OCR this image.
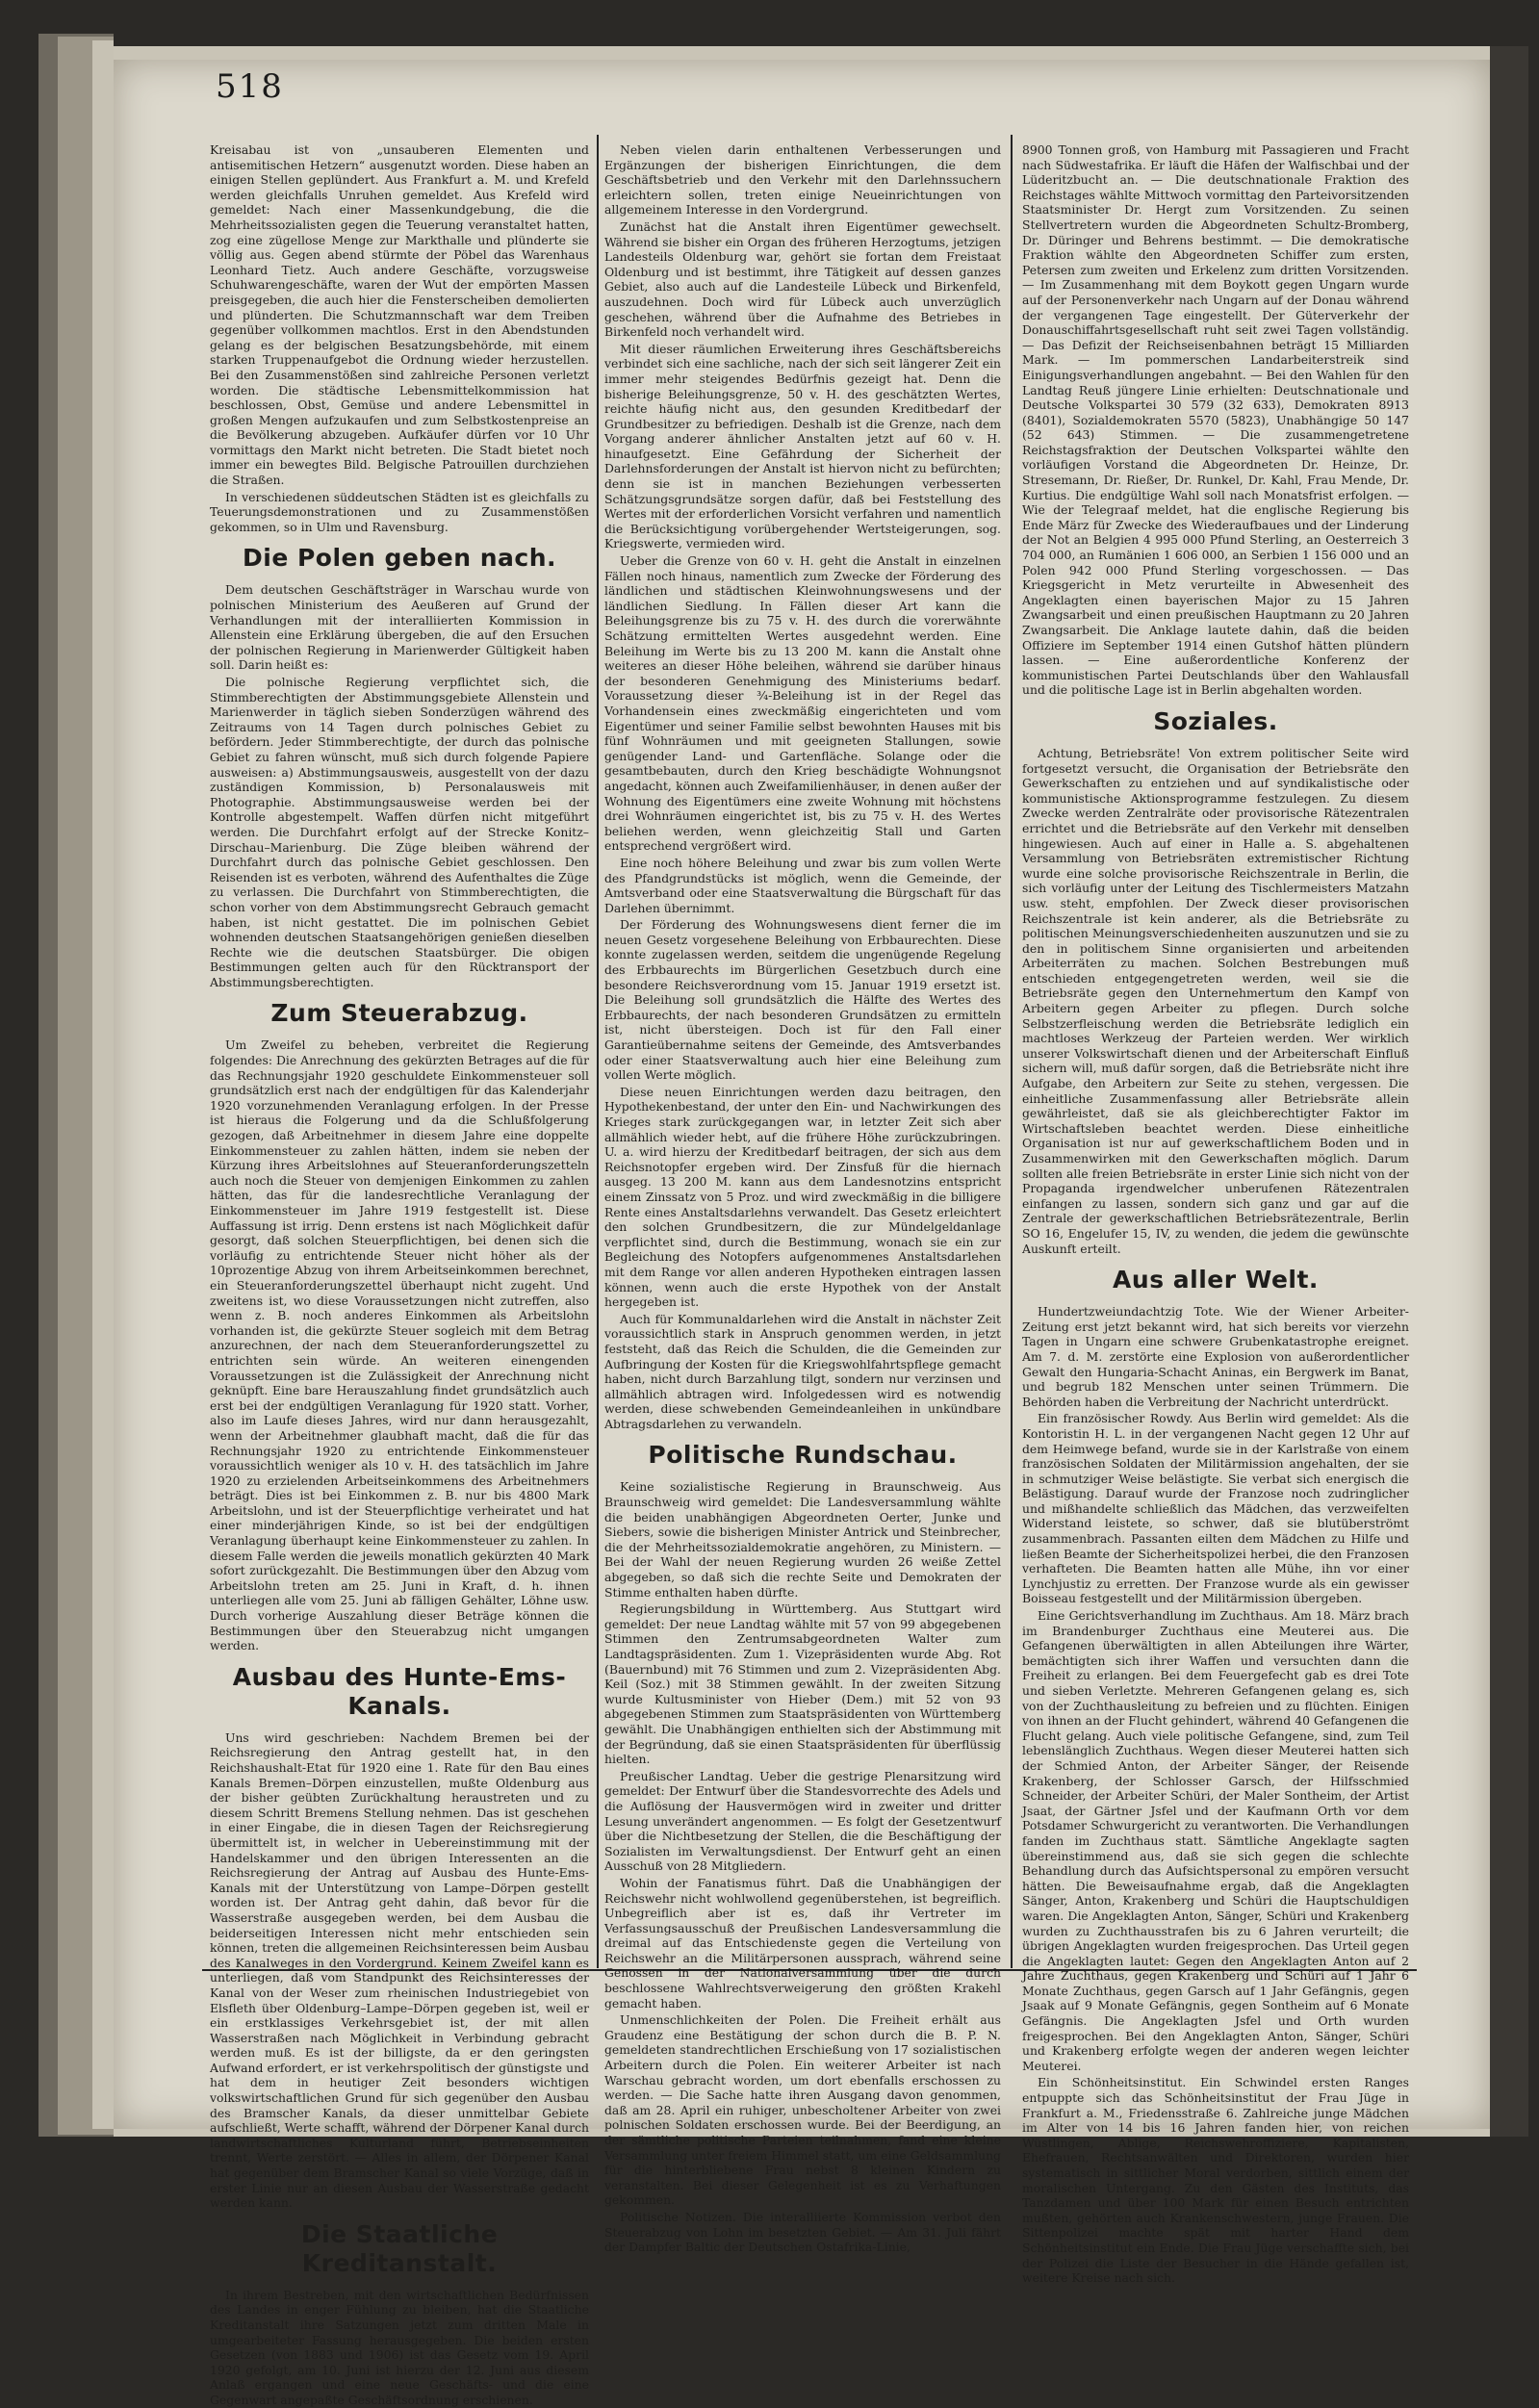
518

Kreisabau ist von „unsauberen Elementen und antisemitischen Hetzern“ ausgenutzt worden. Diese haben an einigen Stellen geplündert. Aus Frankfurt a. M. und Krefeld werden gleichfalls Unruhen gemeldet. Aus Krefeld wird gemeldet: Nach einer Massenkundgebung, die die Mehrheitssozialisten gegen die Teuerung veranstaltet hatten, zog eine zügellose Menge zur Markthalle und plünderte sie völlig aus. Gegen abend stürmte der Pöbel das Warenhaus Leonhard Tietz. Auch andere Geschäfte, vorzugsweise Schuhwarengeschäfte, waren der Wut der empörten Massen preisgegeben, die auch hier die Fensterscheiben demolierten und plünderten. Die Schutzmannschaft war dem Treiben gegenüber vollkommen machtlos. Erst in den Abendstunden gelang es der belgischen Besatzungsbehörde, mit einem starken Truppenaufgebot die Ordnung wieder herzustellen. Bei den Zusammenstößen sind zahlreiche Personen verletzt worden. Die städtische Lebensmittelkommission hat beschlossen, Obst, Gemüse und andere Lebensmittel in großen Mengen aufzukaufen und zum Selbstkostenpreise an die Bevölkerung abzugeben. Aufkäufer dürfen vor 10 Uhr vormittags den Markt nicht betreten. Die Stadt bietet noch immer ein bewegtes Bild. Belgische Patrouillen durchziehen die Straßen.

In verschiedenen süddeutschen Städten ist es gleichfalls zu Teuerungsdemonstrationen und zu Zusammenstößen gekommen, so in Ulm und Ravensburg.

Die Polen geben nach.

Dem deutschen Geschäftsträger in Warschau wurde von polnischen Ministerium des Aeußeren auf Grund der Verhandlungen mit der interalliierten Kommission in Allenstein eine Erklärung übergeben, die auf den Ersuchen der polnischen Regierung in Marienwerder Gültigkeit haben soll. Darin heißt es:

Die polnische Regierung verpflichtet sich, die Stimmberechtigten der Abstimmungsgebiete Allenstein und Marienwerder in täglich sieben Sonderzügen während des Zeitraums von 14 Tagen durch polnisches Gebiet zu befördern. Jeder Stimmberechtigte, der durch das polnische Gebiet zu fahren wünscht, muß sich durch folgende Papiere ausweisen: a) Abstimmungsausweis, ausgestellt von der dazu zuständigen Kommission, b) Personalausweis mit Photographie. Abstimmungsausweise werden bei der Kontrolle abgestempelt. Waffen dürfen nicht mitgeführt werden. Die Durchfahrt erfolgt auf der Strecke Konitz–Dirschau–Marienburg. Die Züge bleiben während der Durchfahrt durch das polnische Gebiet geschlossen. Den Reisenden ist es verboten, während des Aufenthaltes die Züge zu verlassen. Die Durchfahrt von Stimmberechtigten, die schon vorher von dem Abstimmungsrecht Gebrauch gemacht haben, ist nicht gestattet. Die im polnischen Gebiet wohnenden deutschen Staatsangehörigen genießen dieselben Rechte wie die deutschen Staatsbürger. Die obigen Bestimmungen gelten auch für den Rücktransport der Abstimmungsberechtigten.

Zum Steuerabzug.

Um Zweifel zu beheben, verbreitet die Regierung folgendes: Die Anrechnung des gekürzten Betrages auf die für das Rechnungsjahr 1920 geschuldete Einkommensteuer soll grundsätzlich erst nach der endgültigen für das Kalenderjahr 1920 vorzunehmenden Veranlagung erfolgen. In der Presse ist hieraus die Folgerung und da die Schlußfolgerung gezogen, daß Arbeitnehmer in diesem Jahre eine doppelte Einkommensteuer zu zahlen hätten, indem sie neben der Kürzung ihres Arbeitslohnes auf Steueranforderungszetteln auch noch die Steuer von demjenigen Einkommen zu zahlen hätten, das für die landesrechtliche Veranlagung der Einkommensteuer im Jahre 1919 festgestellt ist. Diese Auffassung ist irrig. Denn erstens ist nach Möglichkeit dafür gesorgt, daß solchen Steuerpflichtigen, bei denen sich die vorläufig zu entrichtende Steuer nicht höher als der 10prozentige Abzug von ihrem Arbeitseinkommen berechnet, ein Steueranforderungszettel überhaupt nicht zugeht. Und zweitens ist, wo diese Voraussetzungen nicht zutreffen, also wenn z. B. noch anderes Einkommen als Arbeitslohn vorhanden ist, die gekürzte Steuer sogleich mit dem Betrag anzurechnen, der nach dem Steueranforderungszettel zu entrichten sein würde. An weiteren einengenden Voraussetzungen ist die Zulässigkeit der Anrechnung nicht geknüpft. Eine bare Herauszahlung findet grundsätzlich auch erst bei der endgültigen Veranlagung für 1920 statt. Vorher, also im Laufe dieses Jahres, wird nur dann herausgezahlt, wenn der Arbeitnehmer glaubhaft macht, daß die für das Rechnungsjahr 1920 zu entrichtende Einkommensteuer voraussichtlich weniger als 10 v. H. des tatsächlich im Jahre 1920 zu erzielenden Arbeitseinkommens des Arbeitnehmers beträgt. Dies ist bei Einkommen z. B. nur bis 4800 Mark Arbeitslohn, und ist der Steuerpflichtige verheiratet und hat einer minderjährigen Kinde, so ist bei der endgültigen Veranlagung überhaupt keine Einkommensteuer zu zahlen. In diesem Falle werden die jeweils monatlich gekürzten 40 Mark sofort zurückgezahlt. Die Bestimmungen über den Abzug vom Arbeitslohn treten am 25. Juni in Kraft, d. h. ihnen unterliegen alle vom 25. Juni ab fälligen Gehälter, Löhne usw. Durch vorherige Auszahlung dieser Beträge können die Bestimmungen über den Steuerabzug nicht umgangen werden.

Ausbau des Hunte-Ems-Kanals.

Uns wird geschrieben: Nachdem Bremen bei der Reichsregierung den Antrag gestellt hat, in den Reichshaushalt-Etat für 1920 eine 1. Rate für den Bau eines Kanals Bremen–Dörpen einzustellen, mußte Oldenburg aus der bisher geübten Zurückhaltung heraustreten und zu diesem Schritt Bremens Stellung nehmen. Das ist geschehen in einer Eingabe, die in diesen Tagen der Reichsregierung übermittelt ist, in welcher in Uebereinstimmung mit der Handelskammer und den übrigen Interessenten an die Reichsregierung der Antrag auf Ausbau des Hunte-Ems-Kanals mit der Unterstützung von Lampe–Dörpen gestellt worden ist. Der Antrag geht dahin, daß bevor für die Wasserstraße ausgegeben werden, bei dem Ausbau die beiderseitigen Interessen nicht mehr entschieden sein können, treten die allgemeinen Reichsinteressen beim Ausbau des Kanalweges in den Vordergrund. Keinem Zweifel kann es unterliegen, daß vom Standpunkt des Reichsinteresses der Kanal von der Weser zum rheinischen Industriegebiet von Elsfleth über Oldenburg–Lampe–Dörpen gegeben ist, weil er ein erstklassiges Verkehrsgebiet ist, der mit allen Wasserstraßen nach Möglichkeit in Verbindung gebracht werden muß. Es ist der billigste, da er den geringsten Aufwand erfordert, er ist verkehrspolitisch der günstigste und hat dem in heutiger Zeit besonders wichtigen volkswirtschaftlichen Grund für sich gegenüber den Ausbau des Bramscher Kanals, da dieser unmittelbar Gebiete aufschließt, Werte schafft, während der Dörpener Kanal durch landwirtschaftliches Kulturland führt, Betriebseinheiten trennt, Werte zerstört. — Alles in allem, der Dörpener Kanal hat gegenüber dem Bramscher Kanal so viele Vorzüge, daß in erster Linie nur an diesen Ausbau der Wasserstraße gedacht werden kann.

Die Staatliche Kreditanstalt.

In ihrem Bestreben, mit den wirtschaftlichen Bedürfnissen des Landes in enger Fühlung zu bleiben, hat die Staatliche Kreditanstalt ihre Satzungen jetzt zum dritten Male in umgearbeiteter Fassung herausgegeben. Die beiden ersten Gesetzen (von 1883 und 1906) ist das Gesetz vom 19. April 1920 gefolgt, am 10. Juni ist hierzu der 12. Juni aus diesem Anlaß ergangen und eine neue Geschäfts- und die eine Gegenwart angepaßte Geschäftsordnung erschienen.

Neben vielen darin enthaltenen Verbesserungen und Ergänzungen der bisherigen Einrichtungen, die dem Geschäftsbetrieb und den Verkehr mit den Darlehnssuchern erleichtern sollen, treten einige Neueinrichtungen von allgemeinem Interesse in den Vordergrund.

Zunächst hat die Anstalt ihren Eigentümer gewechselt. Während sie bisher ein Organ des früheren Herzogtums, jetzigen Landesteils Oldenburg war, gehört sie fortan dem Freistaat Oldenburg und ist bestimmt, ihre Tätigkeit auf dessen ganzes Gebiet, also auch auf die Landesteile Lübeck und Birkenfeld, auszudehnen. Doch wird für Lübeck auch unverzüglich geschehen, während über die Aufnahme des Betriebes in Birkenfeld noch verhandelt wird.

Mit dieser räumlichen Erweiterung ihres Geschäftsbereichs verbindet sich eine sachliche, nach der sich seit längerer Zeit ein immer mehr steigendes Bedürfnis gezeigt hat. Denn die bisherige Beleihungsgrenze, 50 v. H. des geschätzten Wertes, reichte häufig nicht aus, den gesunden Kreditbedarf der Grundbesitzer zu befriedigen. Deshalb ist die Grenze, nach dem Vorgang anderer ähnlicher Anstalten jetzt auf 60 v. H. hinaufgesetzt. Eine Gefährdung der Sicherheit der Darlehnsforderungen der Anstalt ist hiervon nicht zu befürchten; denn sie ist in manchen Beziehungen verbesserten Schätzungsgrundsätze sorgen dafür, daß bei Feststellung des Wertes mit der erforderlichen Vorsicht verfahren und namentlich die Berücksichtigung vorübergehender Wertsteigerungen, sog. Kriegswerte, vermieden wird.

Ueber die Grenze von 60 v. H. geht die Anstalt in einzelnen Fällen noch hinaus, namentlich zum Zwecke der Förderung des ländlichen und städtischen Kleinwohnungswesens und der ländlichen Siedlung. In Fällen dieser Art kann die Beleihungsgrenze bis zu 75 v. H. des durch die vorerwähnte Schätzung ermittelten Wertes ausgedehnt werden. Eine Beleihung im Werte bis zu 13 200 M. kann die Anstalt ohne weiteres an dieser Höhe beleihen, während sie darüber hinaus der besonderen Genehmigung des Ministeriums bedarf. Voraussetzung dieser ¾-Beleihung ist in der Regel das Vorhandensein eines zweckmäßig eingerichteten und vom Eigentümer und seiner Familie selbst bewohnten Hauses mit bis fünf Wohnräumen und mit geeigneten Stallungen, sowie genügender Land- und Gartenfläche. Solange oder die gesamtbebauten, durch den Krieg beschädigte Wohnungsnot angedacht, können auch Zweifamilienhäuser, in denen außer der Wohnung des Eigentümers eine zweite Wohnung mit höchstens drei Wohnräumen eingerichtet ist, bis zu 75 v. H. des Wertes beliehen werden, wenn gleichzeitig Stall und Garten entsprechend vergrößert wird.

Eine noch höhere Beleihung und zwar bis zum vollen Werte des Pfandgrundstücks ist möglich, wenn die Gemeinde, der Amtsverband oder eine Staatsverwaltung die Bürgschaft für das Darlehen übernimmt.

Der Förderung des Wohnungswesens dient ferner die im neuen Gesetz vorgesehene Beleihung von Erbbaurechten. Diese konnte zugelassen werden, seitdem die ungenügende Regelung des Erbbaurechts im Bürgerlichen Gesetzbuch durch eine besondere Reichsverordnung vom 15. Januar 1919 ersetzt ist. Die Beleihung soll grundsätzlich die Hälfte des Wertes des Erbbaurechts, der nach besonderen Grundsätzen zu ermitteln ist, nicht übersteigen. Doch ist für den Fall einer Garantieübernahme seitens der Gemeinde, des Amtsverbandes oder einer Staatsverwaltung auch hier eine Beleihung zum vollen Werte möglich.

Diese neuen Einrichtungen werden dazu beitragen, den Hypothekenbestand, der unter den Ein- und Nachwirkungen des Krieges stark zurückgegangen war, in letzter Zeit sich aber allmählich wieder hebt, auf die frühere Höhe zurückzubringen. U. a. wird hierzu der Kreditbedarf beitragen, der sich aus dem Reichsnotopfer ergeben wird. Der Zinsfuß für die hiernach ausgeg. 13 200 M. kann aus dem Landesnotzins entspricht einem Zinssatz von 5 Proz. und wird zweckmäßig in die billigere Rente eines Anstaltsdarlehns verwandelt. Das Gesetz erleichtert den solchen Grundbesitzern, die zur Mündelgeldanlage verpflichtet sind, durch die Bestimmung, wonach sie ein zur Begleichung des Notopfers aufgenommenes Anstaltsdarlehen mit dem Range vor allen anderen Hypotheken eintragen lassen können, wenn auch die erste Hypothek von der Anstalt hergegeben ist.

Auch für Kommunaldarlehen wird die Anstalt in nächster Zeit voraussichtlich stark in Anspruch genommen werden, in jetzt feststeht, daß das Reich die Schulden, die die Gemeinden zur Aufbringung der Kosten für die Kriegswohlfahrtspflege gemacht haben, nicht durch Barzahlung tilgt, sondern nur verzinsen und allmählich abtragen wird. Infolgedessen wird es notwendig werden, diese schwebenden Gemeindeanleihen in unkündbare Abtragsdarlehen zu verwandeln.

Politische Rundschau.

Keine sozialistische Regierung in Braunschweig. Aus Braunschweig wird gemeldet: Die Landesversammlung wählte die beiden unabhängigen Abgeordneten Oerter, Junke und Siebers, sowie die bisherigen Minister Antrick und Steinbrecher, die der Mehrheitssozialdemokratie angehören, zu Ministern. — Bei der Wahl der neuen Regierung wurden 26 weiße Zettel abgegeben, so daß sich die rechte Seite und Demokraten der Stimme enthalten haben dürfte.

Regierungsbildung in Württemberg. Aus Stuttgart wird gemeldet: Der neue Landtag wählte mit 57 von 99 abgegebenen Stimmen den Zentrumsabgeordneten Walter zum Landtagspräsidenten. Zum 1. Vizepräsidenten wurde Abg. Rot (Bauernbund) mit 76 Stimmen und zum 2. Vizepräsidenten Abg. Keil (Soz.) mit 38 Stimmen gewählt. In der zweiten Sitzung wurde Kultusminister von Hieber (Dem.) mit 52 von 93 abgegebenen Stimmen zum Staatspräsidenten von Württemberg gewählt. Die Unabhängigen enthielten sich der Abstimmung mit der Begründung, daß sie einen Staatspräsidenten für überflüssig hielten.

Preußischer Landtag. Ueber die gestrige Plenarsitzung wird gemeldet: Der Entwurf über die Standesvorrechte des Adels und die Auflösung der Hausvermögen wird in zweiter und dritter Lesung unverändert angenommen. — Es folgt der Gesetzentwurf über die Nichtbesetzung der Stellen, die die Beschäftigung der Sozialisten im Verwaltungsdienst. Der Entwurf geht an einen Ausschuß von 28 Mitgliedern.

Wohin der Fanatismus führt. Daß die Unabhängigen der Reichswehr nicht wohlwollend gegenüberstehen, ist begreiflich. Unbegreiflich aber ist es, daß ihr Vertreter im Verfassungsausschuß der Preußischen Landesversammlung die dreimal auf das Entschiedenste gegen die Verteilung von Reichswehr an die Militärpersonen aussprach, während seine Genossen in der Nationalversammlung über die durch beschlossene Wahlrechtsverweigerung den größten Krakehl gemacht haben.

Unmenschlichkeiten der Polen. Die Freiheit erhält aus Graudenz eine Bestätigung der schon durch die B. P. N. gemeldeten standrechtlichen Erschießung von 17 sozialistischen Arbeitern durch die Polen. Ein weiterer Arbeiter ist nach Warschau gebracht worden, um dort ebenfalls erschossen zu werden. — Die Sache hatte ihren Ausgang davon genommen, daß am 28. April ein ruhiger, unbescholtener Arbeiter von zwei polnischen Soldaten erschossen wurde. Bei der Beerdigung, an der sämtliche politische Parteien teilnahmen, fand eine kleine Versammlung unter freiem Himmel statt, um eine Geldsammlung für die hinterbliebene Frau nebst 8 kleinen Kindern zu veranstalten. Bei dieser Gelegenheit ist es zu Verhaftungen gekommen.

Politische Notizen. Die interalliierte Kommission verbot den Steuerabzug von Lohn im besetzten Gebiet. — Am 31. Juli fährt der Dampfer Baltic der Deutschen Ostafrika-Linie,

8900 Tonnen groß, von Hamburg mit Passagieren und Fracht nach Südwestafrika. Er läuft die Häfen der Walfischbai und der Lüderitzbucht an. — Die deutschnationale Fraktion des Reichstages wählte Mittwoch vormittag den Parteivorsitzenden Staatsminister Dr. Hergt zum Vorsitzenden. Zu seinen Stellvertretern wurden die Abgeordneten Schultz-Bromberg, Dr. Düringer und Behrens bestimmt. — Die demokratische Fraktion wählte den Abgeordneten Schiffer zum ersten, Petersen zum zweiten und Erkelenz zum dritten Vorsitzenden. — Im Zusammenhang mit dem Boykott gegen Ungarn wurde auf der Personenverkehr nach Ungarn auf der Donau während der vergangenen Tage eingestellt. Der Güterverkehr der Donauschiffahrtsgesellschaft ruht seit zwei Tagen vollständig. — Das Defizit der Reichseisenbahnen beträgt 15 Milliarden Mark. — Im pommerschen Landarbeiterstreik sind Einigungsverhandlungen angebahnt. — Bei den Wahlen für den Landtag Reuß jüngere Linie erhielten: Deutschnationale und Deutsche Volkspartei 30 579 (32 633), Demokraten 8913 (8401), Sozialdemokraten 5570 (5823), Unabhängige 50 147 (52 643) Stimmen. — Die zusammengetretene Reichstagsfraktion der Deutschen Volkspartei wählte den vorläufigen Vorstand die Abgeordneten Dr. Heinze, Dr. Stresemann, Dr. Rießer, Dr. Runkel, Dr. Kahl, Frau Mende, Dr. Kurtius. Die endgültige Wahl soll nach Monatsfrist erfolgen. — Wie der Telegraaf meldet, hat die englische Regierung bis Ende März für Zwecke des Wiederaufbaues und der Linderung der Not an Belgien 4 995 000 Pfund Sterling, an Oesterreich 3 704 000, an Rumänien 1 606 000, an Serbien 1 156 000 und an Polen 942 000 Pfund Sterling vorgeschossen. — Das Kriegsgericht in Metz verurteilte in Abwesenheit des Angeklagten einen bayerischen Major zu 15 Jahren Zwangsarbeit und einen preußischen Hauptmann zu 20 Jahren Zwangsarbeit. Die Anklage lautete dahin, daß die beiden Offiziere im September 1914 einen Gutshof hätten plündern lassen. — Eine außerordentliche Konferenz der kommunistischen Partei Deutschlands über den Wahlausfall und die politische Lage ist in Berlin abgehalten worden.

Soziales.

Achtung, Betriebsräte! Von extrem politischer Seite wird fortgesetzt versucht, die Organisation der Betriebsräte den Gewerkschaften zu entziehen und auf syndikalistische oder kommunistische Aktionsprogramme festzulegen. Zu diesem Zwecke werden Zentralräte oder provisorische Rätezentralen errichtet und die Betriebsräte auf den Verkehr mit denselben hingewiesen. Auch auf einer in Halle a. S. abgehaltenen Versammlung von Betriebsräten extremistischer Richtung wurde eine solche provisorische Reichszentrale in Berlin, die sich vorläufig unter der Leitung des Tischlermeisters Matzahn usw. steht, empfohlen. Der Zweck dieser provisorischen Reichszentrale ist kein anderer, als die Betriebsräte zu politischen Meinungsverschiedenheiten auszunutzen und sie zu den in politischem Sinne organisierten und arbeitenden Arbeiterräten zu machen. Solchen Bestrebungen muß entschieden entgegengetreten werden, weil sie die Betriebsräte gegen den Unternehmertum den Kampf von Arbeitern gegen Arbeiter zu pflegen. Durch solche Selbstzerfleischung werden die Betriebsräte lediglich ein machtloses Werkzeug der Parteien werden. Wer wirklich unserer Volkswirtschaft dienen und der Arbeiterschaft Einfluß sichern will, muß dafür sorgen, daß die Betriebsräte nicht ihre Aufgabe, den Arbeitern zur Seite zu stehen, vergessen. Die einheitliche Zusammenfassung aller Betriebsräte allein gewährleistet, daß sie als gleichberechtigter Faktor im Wirtschaftsleben beachtet werden. Diese einheitliche Organisation ist nur auf gewerkschaftlichem Boden und in Zusammenwirken mit den Gewerkschaften möglich. Darum sollten alle freien Betriebsräte in erster Linie sich nicht von der Propaganda irgendwelcher unberufenen Rätezentralen einfangen zu lassen, sondern sich ganz und gar auf die Zentrale der gewerkschaftlichen Betriebsrätezentrale, Berlin SO 16, Engelufer 15, IV, zu wenden, die jedem die gewünschte Auskunft erteilt.

Aus aller Welt.

Hundertzweiundachtzig Tote. Wie der Wiener Arbeiter-Zeitung erst jetzt bekannt wird, hat sich bereits vor vierzehn Tagen in Ungarn eine schwere Grubenkatastrophe ereignet. Am 7. d. M. zerstörte eine Explosion von außerordentlicher Gewalt den Hungaria-Schacht Aninas, ein Bergwerk im Banat, und begrub 182 Menschen unter seinen Trümmern. Die Behörden haben die Verbreitung der Nachricht unterdrückt.

Ein französischer Rowdy. Aus Berlin wird gemeldet: Als die Kontoristin H. L. in der vergangenen Nacht gegen 12 Uhr auf dem Heimwege befand, wurde sie in der Karlstraße von einem französischen Soldaten der Militärmission angehalten, der sie in schmutziger Weise belästigte. Sie verbat sich energisch die Belästigung. Darauf wurde der Franzose noch zudringlicher und mißhandelte schließlich das Mädchen, das verzweifelten Widerstand leistete, so schwer, daß sie blutüberströmt zusammenbrach. Passanten eilten dem Mädchen zu Hilfe und ließen Beamte der Sicherheitspolizei herbei, die den Franzosen verhafteten. Die Beamten hatten alle Mühe, ihn vor einer Lynchjustiz zu erretten. Der Franzose wurde als ein gewisser Boisseau festgestellt und der Militärmission übergeben.

Eine Gerichtsverhandlung im Zuchthaus. Am 18. März brach im Brandenburger Zuchthaus eine Meuterei aus. Die Gefangenen überwältigten in allen Abteilungen ihre Wärter, bemächtigten sich ihrer Waffen und versuchten dann die Freiheit zu erlangen. Bei dem Feuergefecht gab es drei Tote und sieben Verletzte. Mehreren Gefangenen gelang es, sich von der Zuchthausleitung zu befreien und zu flüchten. Einigen von ihnen an der Flucht gehindert, während 40 Gefangenen die Flucht gelang. Auch viele politische Gefangene, sind, zum Teil lebenslänglich Zuchthaus. Wegen dieser Meuterei hatten sich der Schmied Anton, der Arbeiter Sänger, der Reisende Krakenberg, der Schlosser Garsch, der Hilfsschmied Schneider, der Arbeiter Schüri, der Maler Sontheim, der Artist Jsaat, der Gärtner Jsfel und der Kaufmann Orth vor dem Potsdamer Schwurgericht zu verantworten. Die Verhandlungen fanden im Zuchthaus statt. Sämtliche Angeklagte sagten übereinstimmend aus, daß sie sich gegen die schlechte Behandlung durch das Aufsichtspersonal zu empören versucht hätten. Die Beweisaufnahme ergab, daß die Angeklagten Sänger, Anton, Krakenberg und Schüri die Hauptschuldigen waren. Die Angeklagten Anton, Sänger, Schüri und Krakenberg wurden zu Zuchthausstrafen bis zu 6 Jahren verurteilt; die übrigen Angeklagten wurden freigesprochen. Das Urteil gegen die Angeklagten lautet: Gegen den Angeklagten Anton auf 2 Jahre Zuchthaus, gegen Krakenberg und Schüri auf 1 Jahr 6 Monate Zuchthaus, gegen Garsch auf 1 Jahr Gefängnis, gegen Jsaak auf 9 Monate Gefängnis, gegen Sontheim auf 6 Monate Gefängnis. Die Angeklagten Jsfel und Orth wurden freigesprochen. Bei den Angeklagten Anton, Sänger, Schüri und Krakenberg erfolgte wegen der anderen wegen leichter Meuterei.

Ein Schönheitsinstitut. Ein Schwindel ersten Ranges entpuppte sich das Schönheitsinstitut der Frau Jüge in Frankfurt a. M., Friedensstraße 6. Zahlreiche junge Mädchen im Alter von 14 bis 16 Jahren fanden hier, von reichen Wüstlingen, Ablige, Reichswehroffiziere, Kapitalisten, Ehefrauen, Rechtsanwälten und Direktoren, wurden hier systematisch in sittlicher Moral verdorben, sittlich einem der moralischen Untergang. Zu den Gästen des Instituts, das Tanzdamen und über 100 Mark für einen Besuch entrichten mußten, gehörten auch Krankenschwestern, junge Frauen. Die Sittenpolizei machte spät mit harter Hand dem Schönheitsinstitut ein Ende. Die Frau Jüge verschaffte sich, bei der Polizei die Liste der Besucher in die Hände gefallen ist, weitere Kreise nach sich.
